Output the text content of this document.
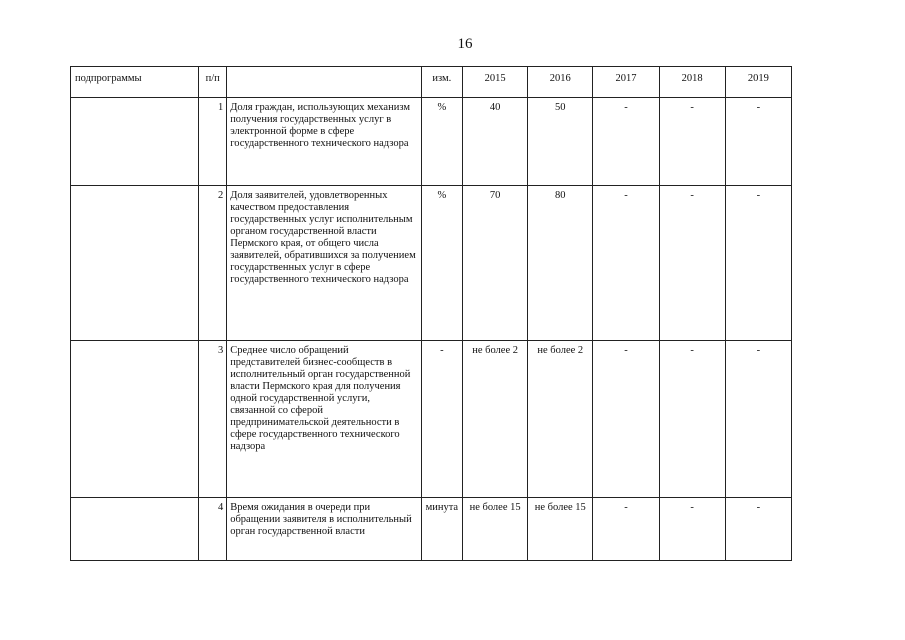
16
подпрограммы	п/п		изм.	2015	2016	2017	2018	2019
	1	Доля граждан, использующих механизм получения государственных услуг в электронной форме в сфере государственного технического надзора	%	40	50	-	-	-
	2	Доля заявителей, удовлетворенных качеством предоставления государственных услуг исполнительным органом государственной власти Пермского края, от общего числа заявителей, обратившихся за получением государственных услуг в сфере государственного технического надзора	%	70	80	-	-	-
	3	Среднее число обращений представителей бизнес-сообществ в исполнительный орган государственной власти Пермского края для получения одной государственной услуги, связанной со сферой предпринимательской деятельности в сфере государственного технического надзора	-	не более 2	не более 2	-	-	-
	4	Время ожидания в очереди при обращении заявителя в исполнительный орган государственной власти	минута	не более 15	не более 15	-	-	-
